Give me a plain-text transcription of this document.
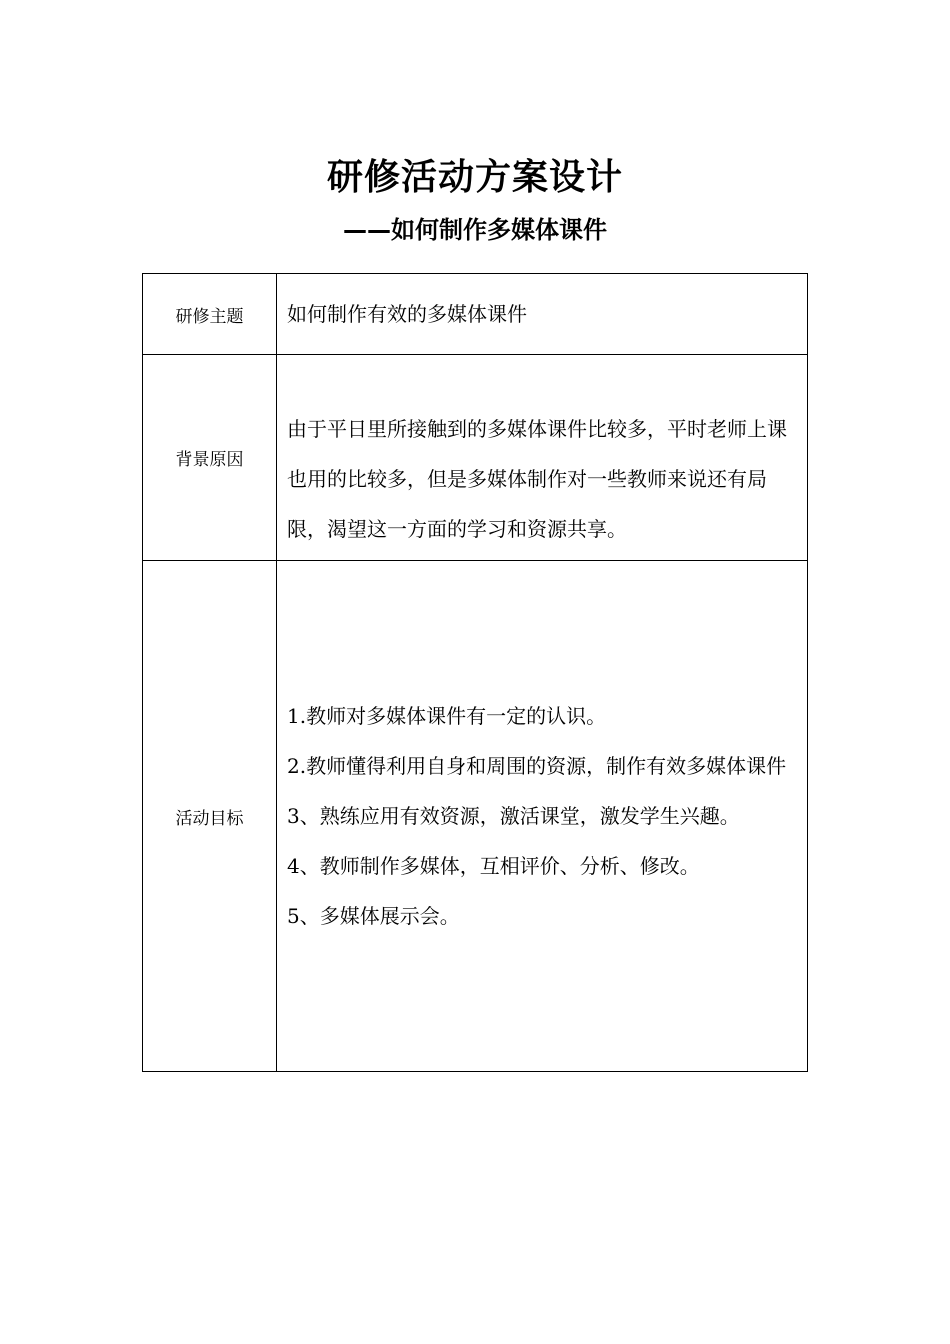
研修活动方案设计
——如何制作多媒体课件
研修主题	如何制作有效的多媒体课件
背景原因	由于平日里所接触到的多媒体课件比较多，平时老师上课也用的比较多，但是多媒体制作对一些教师来说还有局限，渴望这一方面的学习和资源共享。
活动目标	1.教师对多媒体课件有一定的认识。
2.教师懂得利用自身和周围的资源，制作有效多媒体课件
3、熟练应用有效资源，激活课堂，激发学生兴趣。
4、教师制作多媒体，互相评价、分析、修改。
5、多媒体展示会。
